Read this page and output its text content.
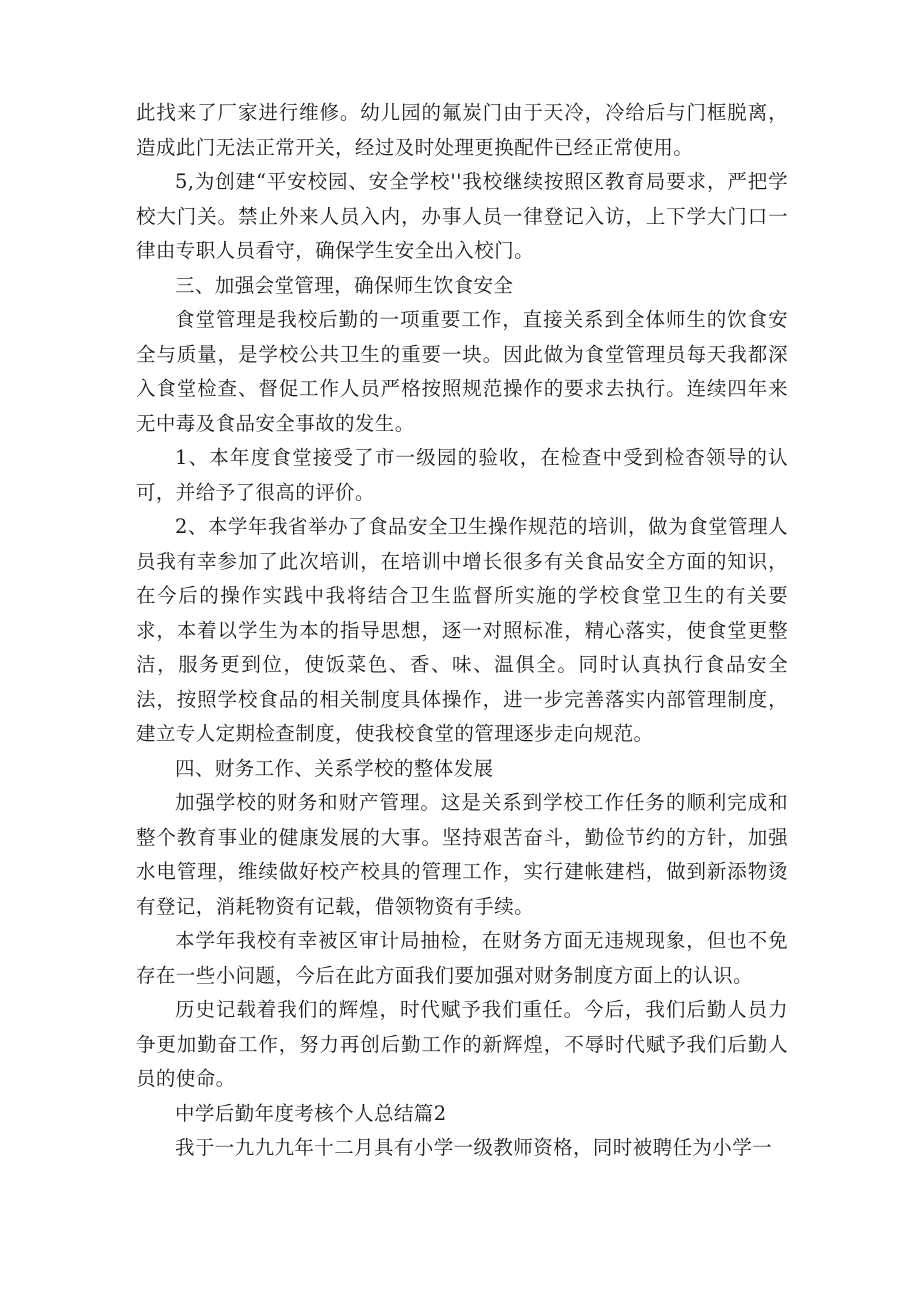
此找来了厂家进行维修。幼儿园的氟炭门由于天冷，冷给后与门框脱离，造成此门无法正常开关，经过及时处理更换配件已经正常使用。

5,为创建“平安校园、安全学校''我校继续按照区教育局要求，严把学校大门关。禁止外来人员入内，办事人员一律登记入访，上下学大门口一律由专职人员看守，确保学生安全出入校门。

三、加强会堂管理，确保师生饮食安全

食堂管理是我校后勤的一项重要工作，直接关系到全体师生的饮食安全与质量，是学校公共卫生的重要一块。因此做为食堂管理员每天我都深入食堂检查、督促工作人员严格按照规范操作的要求去执行。连续四年来无中毒及食品安全事故的发生。

1、本年度食堂接受了市一级园的验收，在检查中受到检杳领导的认可，并给予了很高的评价。

2、本学年我省举办了食品安全卫生操作规范的培训，做为食堂管理人员我有幸参加了此次培训，在培训中增长很多有关食品安全方面的知识，在今后的操作实践中我将结合卫生监督所实施的学校食堂卫生的有关要求，本着以学生为本的指导思想，逐一对照标准，精心落实，使食堂更整洁，服务更到位，使饭菜色、香、味、温俱全。同时认真执行食品安全法，按照学校食品的相关制度具体操作，进一步完善落实内部管理制度，建立专人定期检查制度，使我校食堂的管理逐步走向规范。

四、财务工作、关系学校的整体发展

加强学校的财务和财产管理。这是关系到学校工作任务的顺利完成和整个教育事业的健康发展的大事。坚持艰苦奋斗，勤俭节约的方针，加强水电管理，维续做好校产校具的管理工作，实行建帐建档，做到新添物烫有登记，消耗物资有记载，借领物资有手续。

本学年我校有幸被区审计局抽检，在财务方面无违规现象，但也不免存在一些小问题，今后在此方面我们要加强对财务制度方面上的认识。

历史记载着我们的辉煌，时代赋予我们重任。今后，我们后勤人员力争更加勤奋工作，努力再创后勤工作的新辉煌，不辱时代赋予我们后勤人员的使命。

中学后勤年度考核个人总结篇2

我于一九九九年十二月具有小学一级教师资格，同时被聘任为小学一
